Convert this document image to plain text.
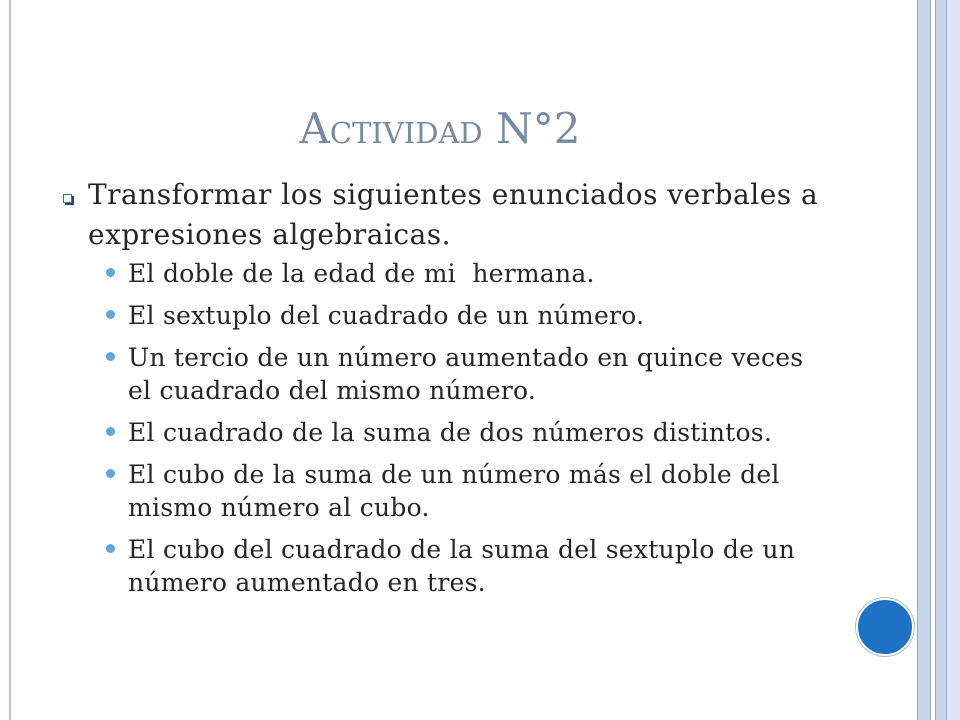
Actividad N°2
Transformar los siguientes enunciados verbales a
expresiones algebraicas.
El doble de la edad de mi  hermana.
El sextuplo del cuadrado de un número.
Un tercio de un número aumentado en quince veces
el cuadrado del mismo número.
El cuadrado de la suma de dos números distintos.
El cubo de la suma de un número más el doble del
mismo número al cubo.
El cubo del cuadrado de la suma del sextuplo de un
número aumentado en tres.
